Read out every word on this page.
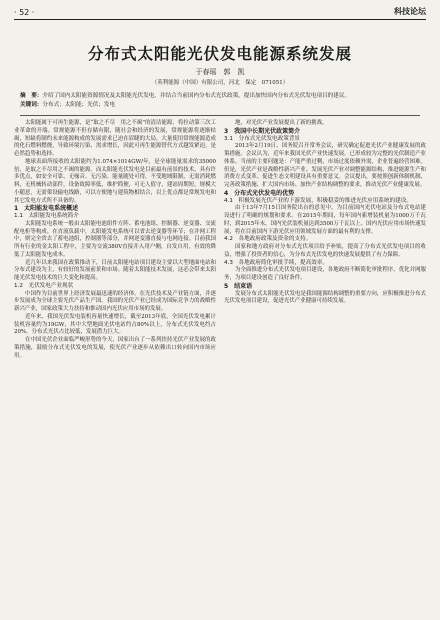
· 52 ·	科技论坛
分布式太阳能光伏发电能源系统发展
于春瑶　郭　凯
（英利能源（中国）有限公司，河北　保定　071051）
摘　要：介绍了国内太阳能资源情况及太阳能光伏发电，并结合当前国内分布式光伏政策，提出加快国内分布式光伏发电项目的建议。
关键词：分布式；太阳能；光伏；发电

太阳能属于可再生能源，是“取之不尽　用之不竭”的清洁能源，将拉动第三次工业革命的开端。常规能源不但存储有限，随社会和经济的发展，常规能源将逐渐枯竭，短缺将制约未来能源构成的发展需求已迫在眉睫的大局。大量使用常规能源造成的化石燃料燃烧，导致环境污染、需求增长，因此可再生能源替代方式越发紧迫，是必然趋势和选择。

地球表面所接收的太阳能约为1.074×1014GW/年，是全球能量需求的35000倍，是取之不尽用之不竭的能源。而太阳能光伏发电是目前最有前景的技术，具有许多优点，如安全可靠、无噪音、无污染、能量随处可得，不受地域限制，无需消耗燃料，无机械转动部件，设备故障率低，维护简便，可无人值守，建站周期短，规模大小随意，无需架设输电线路，可以方便地与建筑物相结合，以上优点都是常规发电和其它发电方式所不具备的。

1　太阳能发电系统概述

1.1　太阳能发电系统简介

太阳能发电系统一般由太阳能电池组件方阵、蓄电池组、控制器、逆变器、交流配电柜等构成。在直流负载中，太阳能发电系统可以省去逆变器等环节；在并网工程中，则完全省去了蓄电池组，控制器等部分，并网逆变器直接与电网连接。目前我国所有行业的金太阳工程中，主要为交流380V直接并入用户侧，自发自用，有效的降低了太阳能发电成本。

近几年以来我国在政策推动下，目前太阳能电站项目建设主要以大型地面电站和分布式建设为主，有较好的发展前景和市场。随着太阳能技术发展，这必会带来太阳能光伏发电技术的巨大变化和提高。

1.2　光伏发电产业现状

中国作为目前世界上经济发展最迅速的经济体，在光伏技术及产业链方面，并逐步发展成为全球主要光伏产品生产国。我国的光伏产业已经成为国际竞争力的战略性新兴产业，国家政策大力扶持和推动国内光伏应用市场的发展。

近年来，我国光伏发电装机容量快速增长，截至2013年底，全国光伏发电累计装机容量约为19GW，其中大型地面光伏电站约占80%以上，分布式光伏发电约占20%，分布式光伏占比较低，发展潜力巨大。

在中国光伏企业面临严峻形势的今天，国家出台了一系列扶持光伏产业发展的政策措施，鼓励分布式光伏发电的发展，使光伏产业逐步从依赖出口转向国内市场应用。

地，对光伏产业发展提出了新的挑战。

3　我国中长期光伏政策简介

3.1　分布式光伏发电政策背景

2013年2月19日，国务院召开常务会议，研究确定促进光伏产业健康发展的政策措施。会议认为，近年来我国光伏产业快速发展，已形成较为完整的光伏制造产业体系。当前的主要问题是：产能严重过剩，市场过度依赖外需，企业普遍经营困难。但是，光伏产业是战略性新兴产业。发展光伏产业对调整能源结构、推进能源生产和消费方式变革、促进生态文明建设具有重要意义。会议提出，要按照创新体制机制、完善政策措施、扩大国内市场、加快产业结构调整的要求，推动光伏产业健康发展。

4　分布式光伏发电的优势

4.1　积极发展光伏产业的下游发展，积极稳妥的推进光伏应用系统的建设。

由于13年7月15日国务院出台的意见中，为目前国内光伏电站及分布式电站建设进行了明确的规划和要求。在2015年期间，每年国内新增装机量为1000万千瓦时，到2015年末，国内光伏装机量达到3500万千瓦以上。国内光伏应用市场快速发展，将在目前国内下游光伏应用领域发展方面的最有利的支撑。

4.2　各地政府政策及资金的支持。

国家和地方政府对分布式光伏项目给予补贴，提高了分布式光伏发电项目的收益，增强了投资者的信心，为分布式光伏发电的快速发展提供了有力保障。

4.3　各地政府简化审批手续，提高效率。

为全面推进分布式光伏发电项目建设，各地政府不断简化审批程序，优化并网服务，为项目建设创造了良好条件。

5　结束语

发展分布式太阳能光伏发电是我国能源结构调整的重要方向，应积极推进分布式光伏发电项目建设，促进光伏产业健康可持续发展。
